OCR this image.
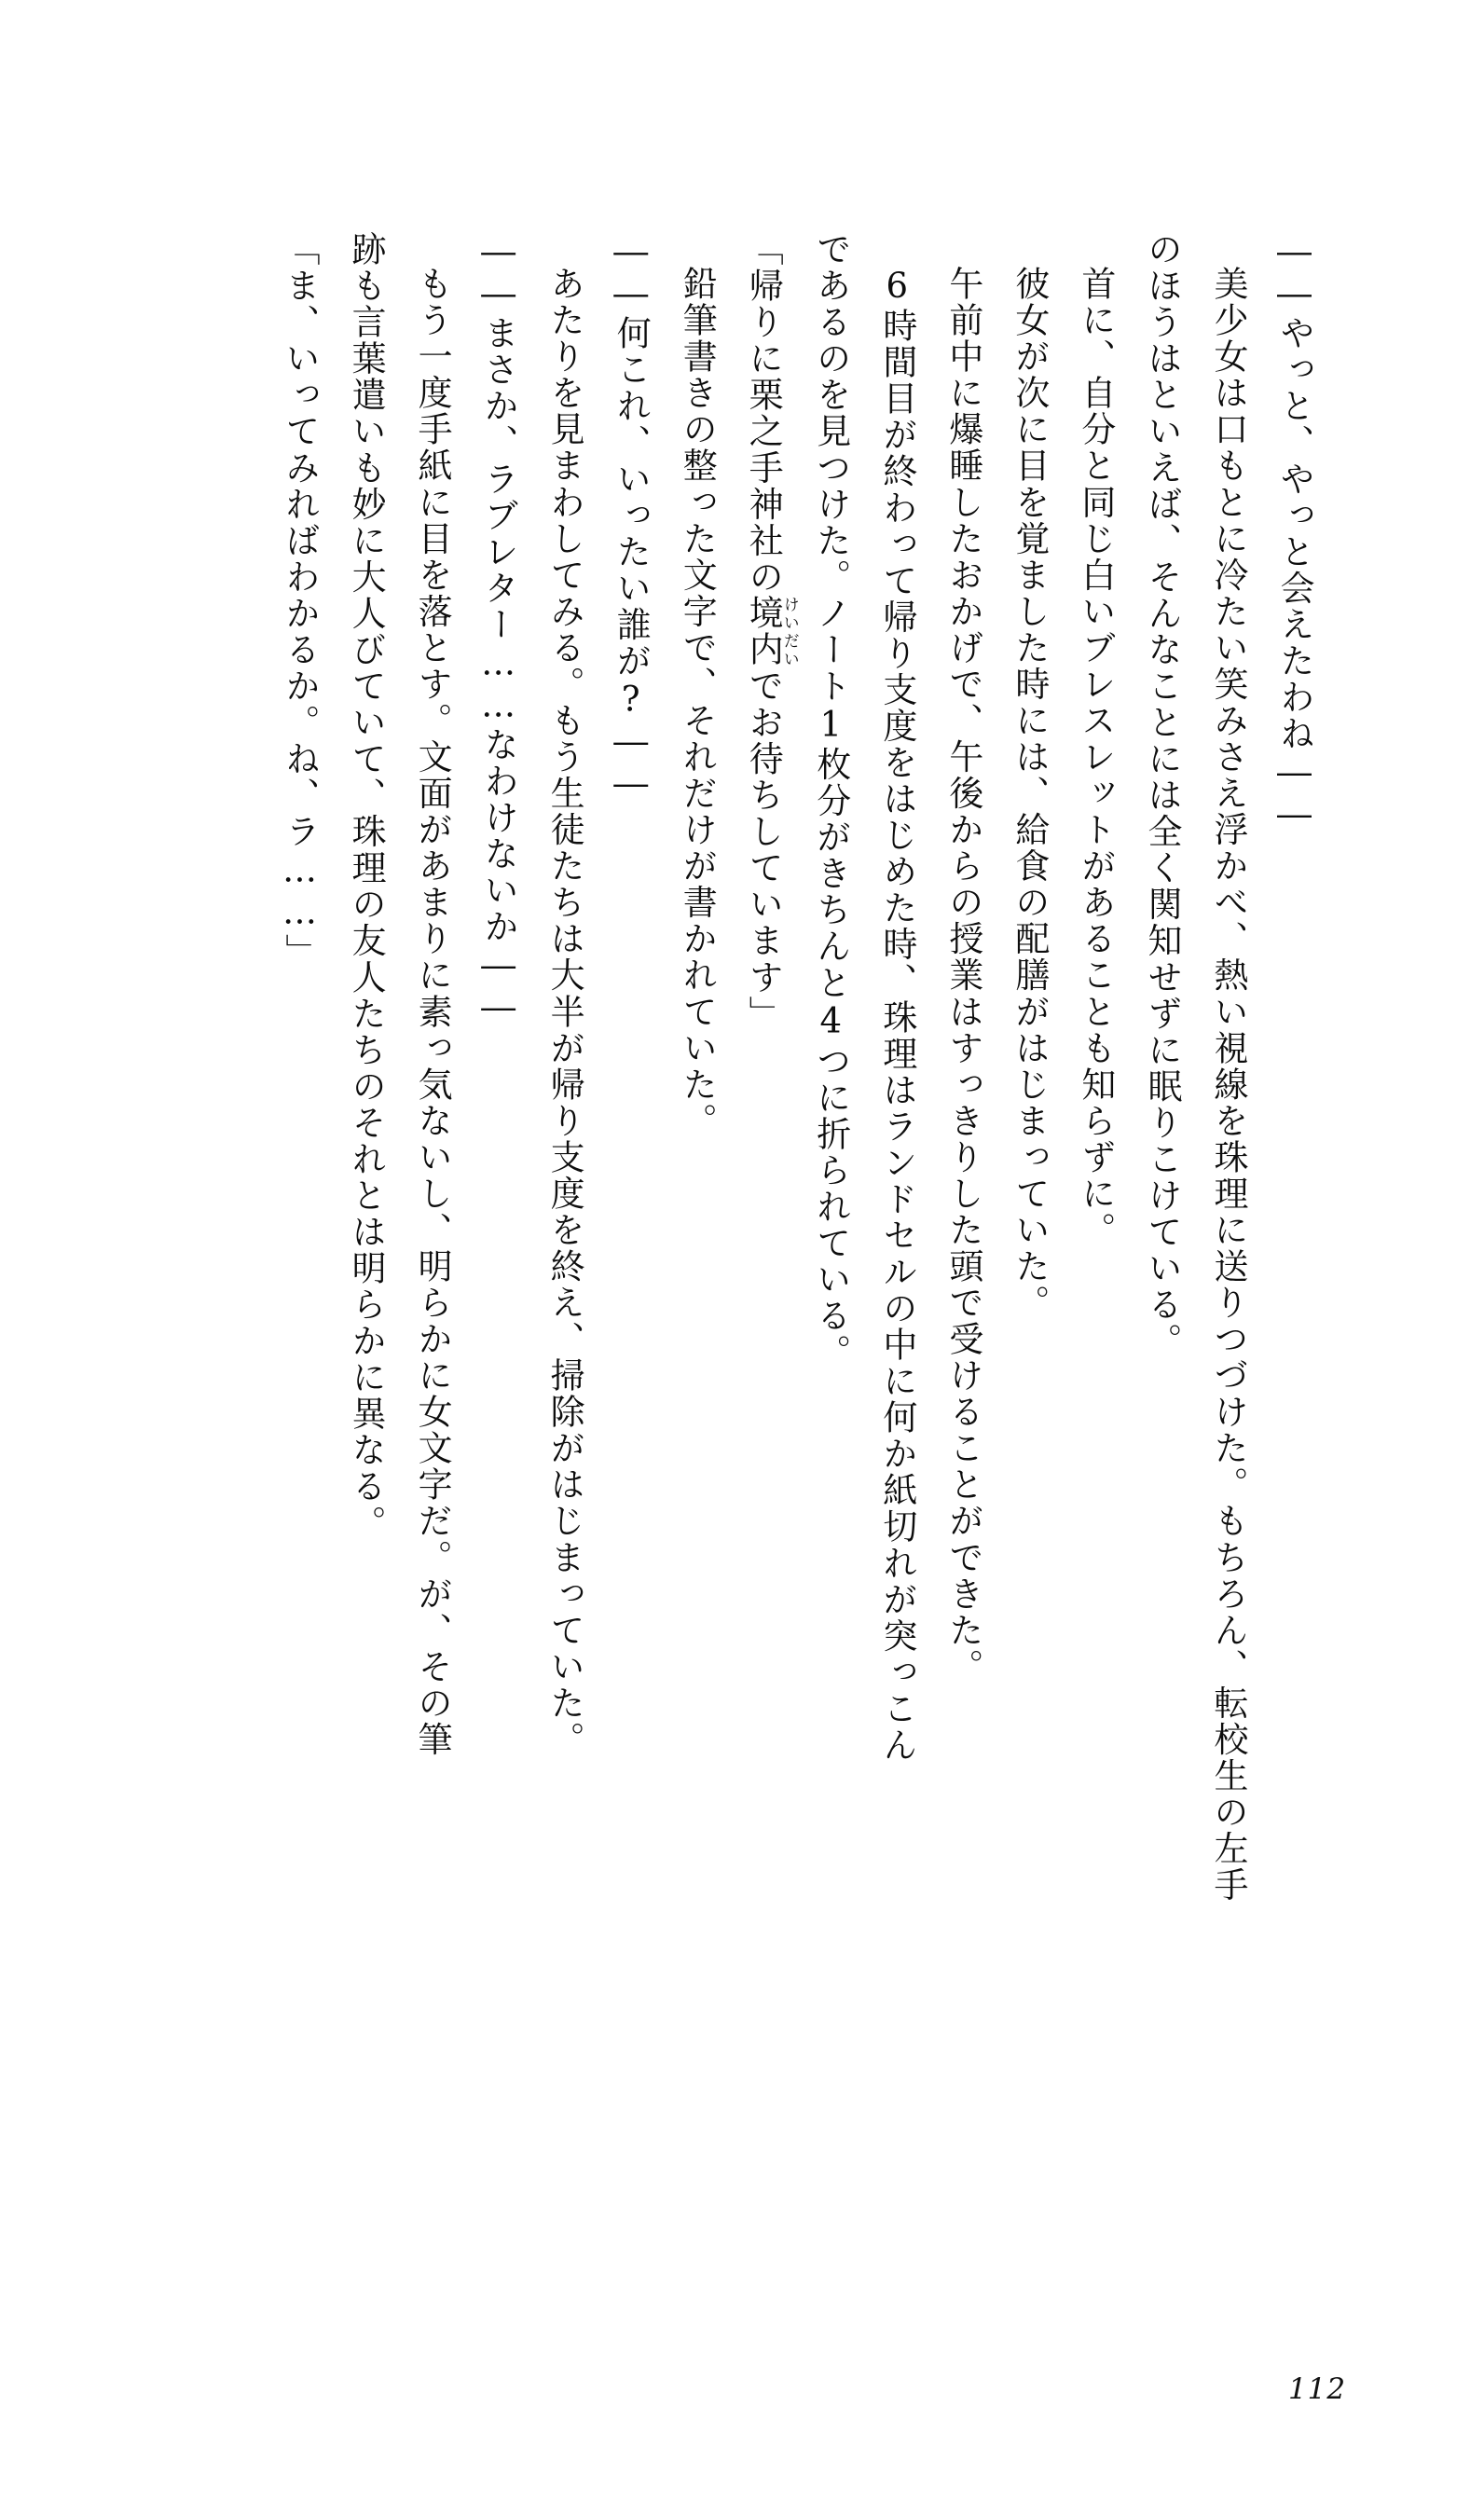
――やっと、やっと会えたわね――

美少女は口もとに冷たい笑みさえ浮かべ、熱い視線を珠理に送りつづけた。もちろん、転校生の左手

のほうはといえば、そんなことには全く関知せずに眠りこけている。

首に、自分と同じ白いブレスレットがあることも知らずに。

彼女が次に目を覚ました時には、給食の配膳がはじまっていた。

午前中に爆睡したおかげで、午後からの授業はすっきりした頭で受けることができた。

6時間目が終わって帰り支度をはじめた時、珠理はランドセルの中に何か紙切れが突っこん

であるのを見つけた。ノート1枚分がきちんと4つに折られている。

「帰りに栗之手神社の境内けいだいでお待ちしています」

鉛筆書きの整った文字で、それだけが書かれていた。

――何これ、いったい誰が?――

あたりを見まわしてみる。もう生徒たちは大半が帰り支度を終え、掃除がはじまっていた。

――まさか、ラブレター……なわけないか――

もう一度手紙に目を落とす。文面があまりに素っ気ないし、明らかに女文字だ。が、その筆

跡も言葉遣いも妙に大人びていて、珠理の友人たちのそれとは明らかに異なる。

「ま、いってみればわかるか。ね、ラ……」

112
